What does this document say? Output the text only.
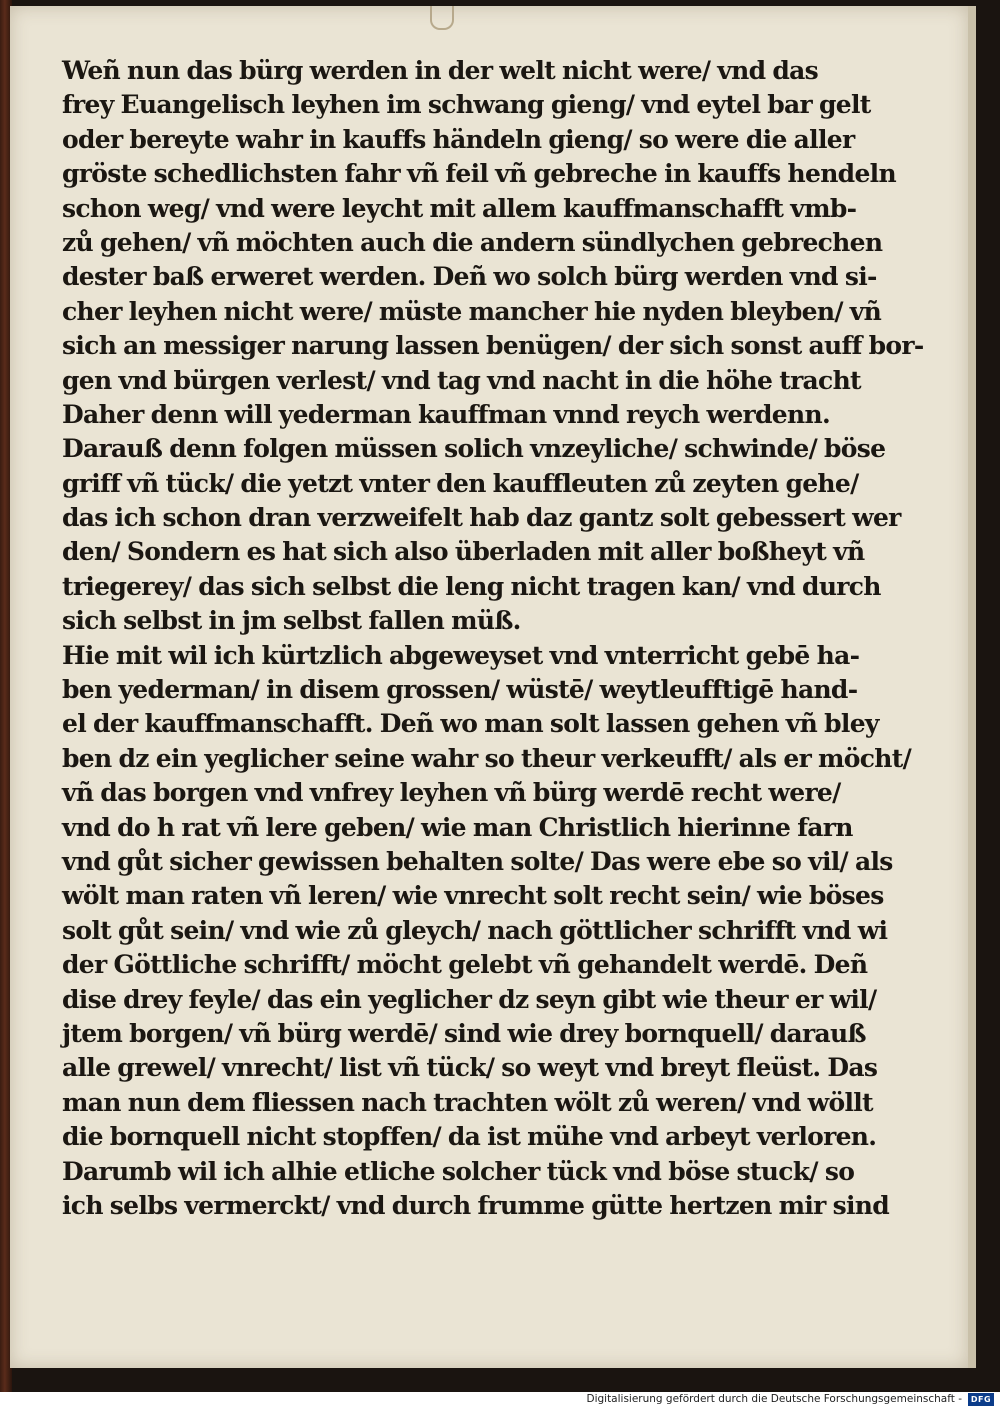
Weñ nun das bürg werden in der welt nicht were/ vnd das
frey Euangelisch leyhen im schwang gieng/ vnd eytel bar gelt
oder bereyte wahr in kauffs händeln gieng/ so were die aller
gröste schedlichsten fahr vñ feil vñ gebreche in kauffs hendeln
schon weg/ vnd were leycht mit allem kauffmanschafft vmb-
zů gehen/ vñ möchten auch die andern sündlychen gebrechen
dester baß erweret werden. Deñ wo solch bürg werden vnd si-
cher leyhen nicht were/ müste mancher hie nyden bleyben/ vñ
sich an messiger narung lassen benügen/ der sich sonst auff bor-
gen vnd bürgen verlest/ vnd tag vnd nacht in die höhe tracht
Daher denn will yederman kauffman vnnd reych werdenn.
Darauß denn folgen müssen solich vnzeyliche/ schwinde/ böse
griff vñ tück/ die yetzt vnter den kauffleuten zů zeyten gehe/
das ich schon dran verzweifelt hab daz gantz solt gebessert wer
den/ Sondern es hat sich also überladen mit aller boßheyt vñ
triegerey/ das sich selbst die leng nicht tragen kan/ vnd durch
sich selbst in jm selbst fallen müß.
Hie mit wil ich kürtzlich abgeweyset vnd vnterricht gebē ha-
ben yederman/ in disem grossen/ wüstē/ weytleufftigē hand-
el der kauffmanschafft. Deñ wo man solt lassen gehen vñ bley
ben dz ein yeglicher seine wahr so theur verkeufft/ als er möcht/
vñ das borgen vnd vnfrey leyhen vñ bürg werdē recht were/
vnd do h rat vñ lere geben/ wie man Christlich hierinne farn
vnd gůt sicher gewissen behalten solte/ Das were ebe so vil/ als
wölt man raten vñ leren/ wie vnrecht solt recht sein/ wie böses
solt gůt sein/ vnd wie zů gleych/ nach göttlicher schrifft vnd wi
der Göttliche schrifft/ möcht gelebt vñ gehandelt werdē. Deñ
dise drey feyle/ das ein yeglicher dz seyn gibt wie theur er wil/
jtem borgen/ vñ bürg werdē/ sind wie drey bornquell/ darauß
alle grewel/ vnrecht/ list vñ tück/ so weyt vnd breyt fleüst. Das
man nun dem fliessen nach trachten wölt zů weren/ vnd wöllt
die bornquell nicht stopffen/ da ist mühe vnd arbeyt verloren.
Darumb wil ich alhie etliche solcher tück vnd böse stuck/ so
ich selbs vermerckt/ vnd durch frumme gütte hertzen mir sind
Digitalisierung gefördert durch die Deutsche Forschungsgemeinschaft -	DFG
